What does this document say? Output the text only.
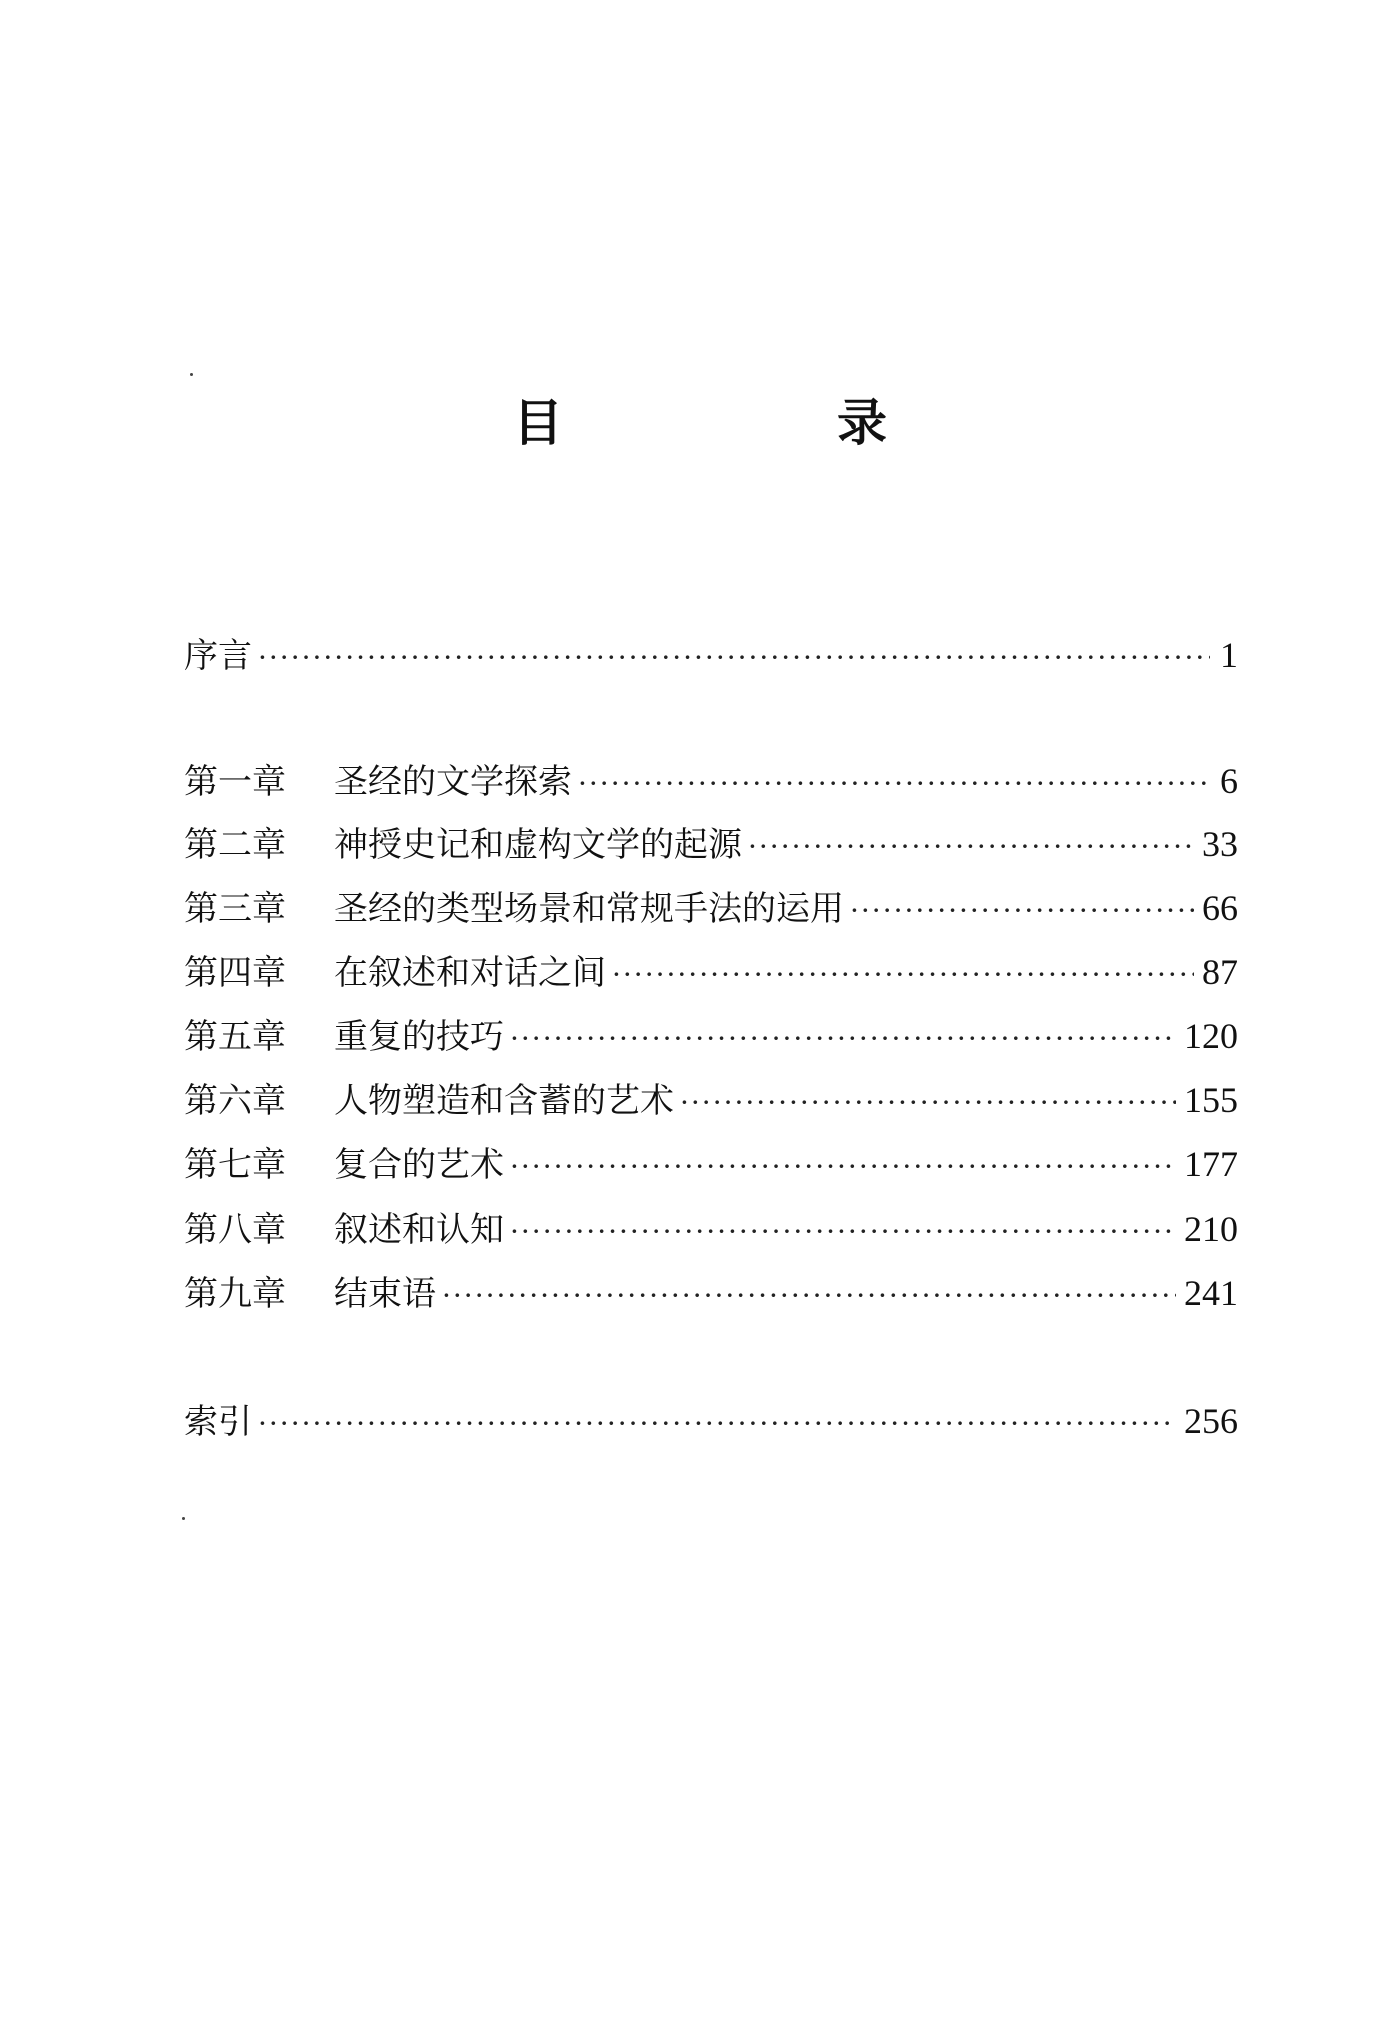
目　录
序言 ·····	1
第一章	圣经的文学探索 ·····	6
第二章	神授史记和虚构文学的起源 ·····	33
第三章	圣经的类型场景和常规手法的运用 ·····	66
第四章	在叙述和对话之间 ·····	87
第五章	重复的技巧 ·····	120
第六章	人物塑造和含蓄的艺术 ·····	155
第七章	复合的艺术 ·····	177
第八章	叙述和认知 ·····	210
第九章	结束语 ·····	241
索引 ·····	256
